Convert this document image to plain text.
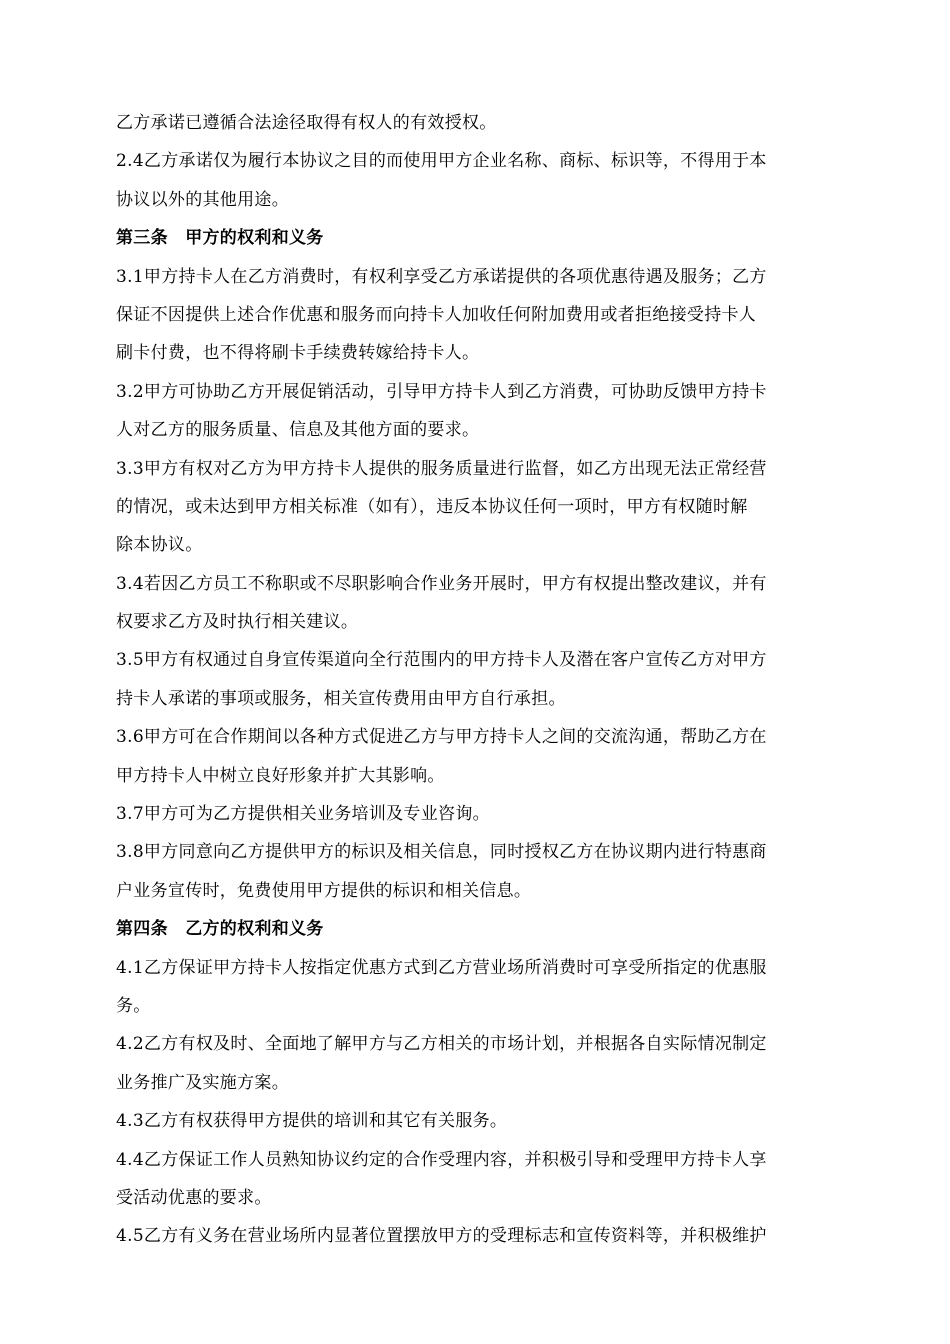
乙方承诺已遵循合法途径取得有权人的有效授权。
2.4乙方承诺仅为履行本协议之目的而使用甲方企业名称、商标、标识等，不得用于本
协议以外的其他用途。
第三条　甲方的权利和义务
3.1甲方持卡人在乙方消费时，有权利享受乙方承诺提供的各项优惠待遇及服务；乙方
保证不因提供上述合作优惠和服务而向持卡人加收任何附加费用或者拒绝接受持卡人
刷卡付费，也不得将刷卡手续费转嫁给持卡人。
3.2甲方可协助乙方开展促销活动，引导甲方持卡人到乙方消费，可协助反馈甲方持卡
人对乙方的服务质量、信息及其他方面的要求。
3.3甲方有权对乙方为甲方持卡人提供的服务质量进行监督，如乙方出现无法正常经营
的情况，或未达到甲方相关标准（如有），违反本协议任何一项时，甲方有权随时解
除本协议。
3.4若因乙方员工不称职或不尽职影响合作业务开展时，甲方有权提出整改建议，并有
权要求乙方及时执行相关建议。
3.5甲方有权通过自身宣传渠道向全行范围内的甲方持卡人及潜在客户宣传乙方对甲方
持卡人承诺的事项或服务，相关宣传费用由甲方自行承担。
3.6甲方可在合作期间以各种方式促进乙方与甲方持卡人之间的交流沟通，帮助乙方在
甲方持卡人中树立良好形象并扩大其影响。
3.7甲方可为乙方提供相关业务培训及专业咨询。
3.8甲方同意向乙方提供甲方的标识及相关信息，同时授权乙方在协议期内进行特惠商
户业务宣传时，免费使用甲方提供的标识和相关信息。
第四条　乙方的权利和义务
4.1乙方保证甲方持卡人按指定优惠方式到乙方营业场所消费时可享受所指定的优惠服
务。
4.2乙方有权及时、全面地了解甲方与乙方相关的市场计划，并根据各自实际情况制定
业务推广及实施方案。
4.3乙方有权获得甲方提供的培训和其它有关服务。
4.4乙方保证工作人员熟知协议约定的合作受理内容，并积极引导和受理甲方持卡人享
受活动优惠的要求。
4.5乙方有义务在营业场所内显著位置摆放甲方的受理标志和宣传资料等，并积极维护
